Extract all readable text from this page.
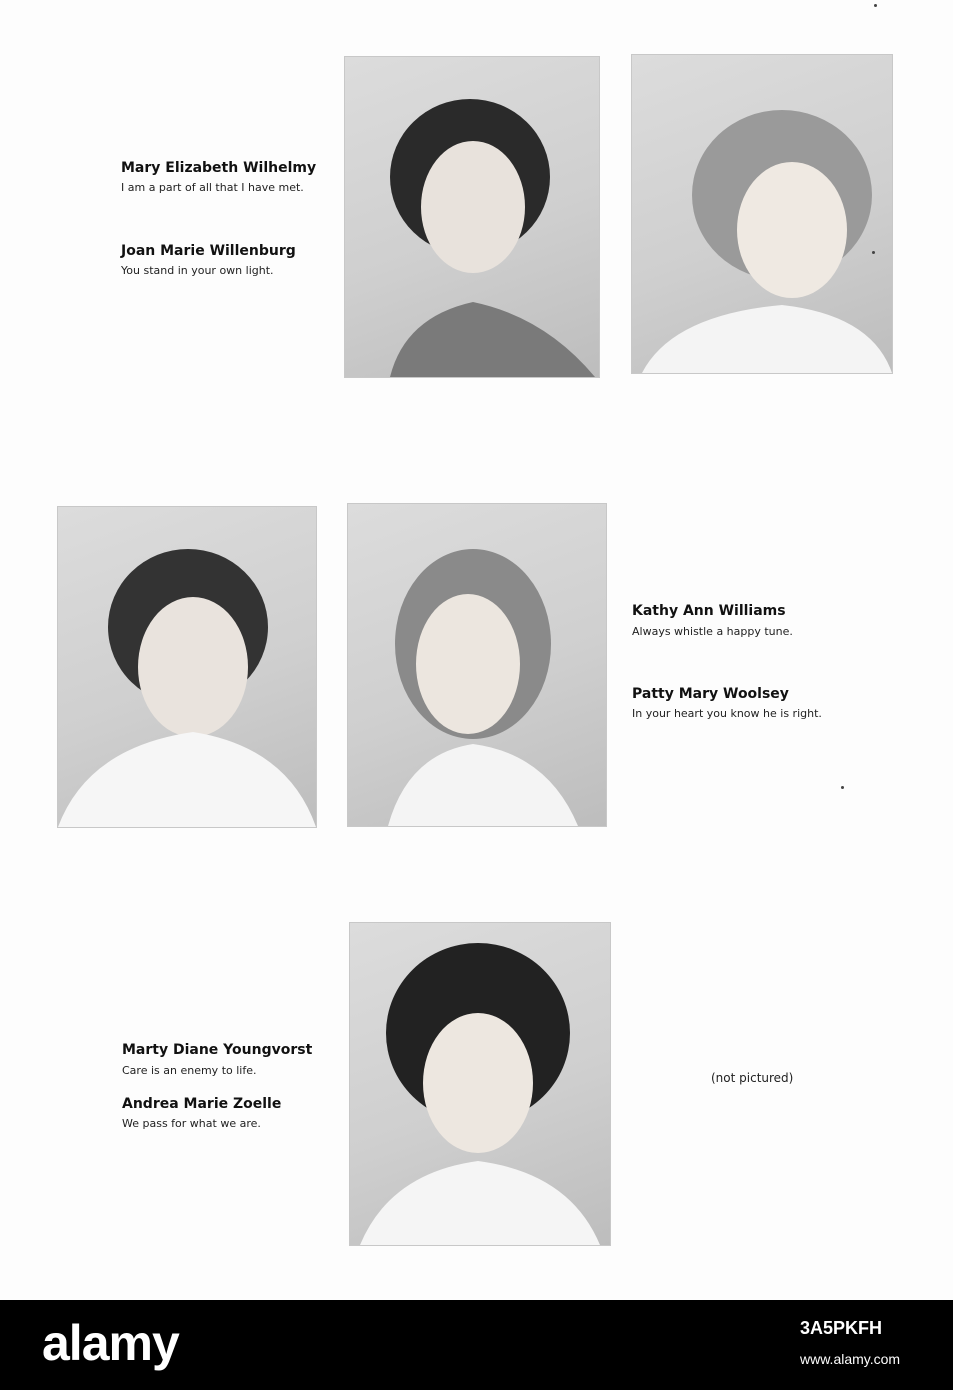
Mary Elizabeth Wilhelmy
I am a part of all that I have met.
Joan Marie Willenburg
You stand in your own light.
Kathy Ann Williams
Always whistle a happy tune.
Patty Mary Woolsey
In your heart you know he is right.
Marty Diane Youngvorst
Care is an enemy to life.
Andrea Marie Zoelle
We pass for what we are.
(not pictured)
alamy	3A5PKFH
www.alamy.com
